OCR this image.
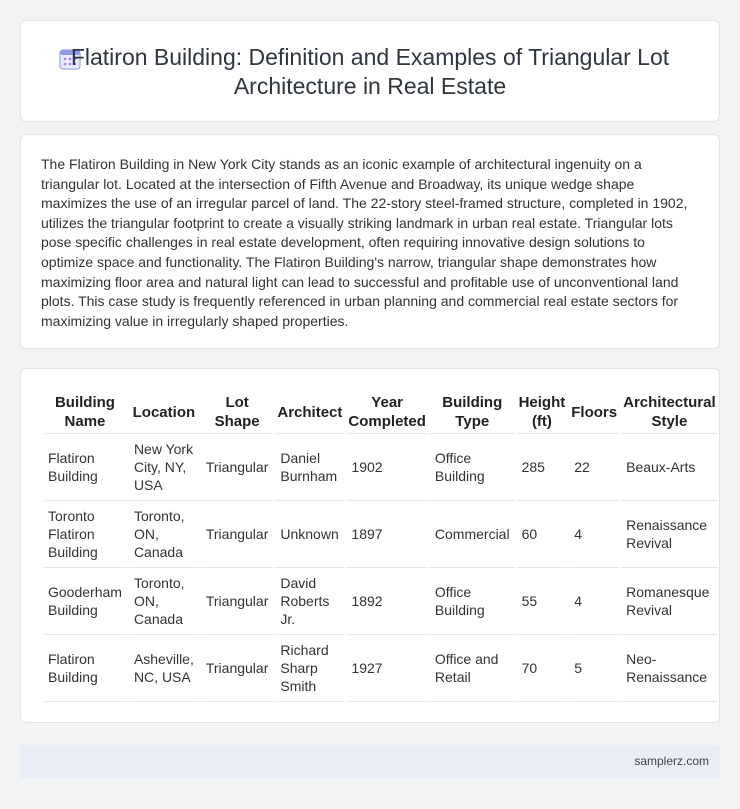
Flatiron Building: Definition and Examples of Triangular Lot Architecture in Real Estate

The Flatiron Building in New York City stands as an iconic example of architectural ingenuity on a triangular lot. Located at the intersection of Fifth Avenue and Broadway, its unique wedge shape maximizes the use of an irregular parcel of land. The 22-story steel-framed structure, completed in 1902, utilizes the triangular footprint to create a visually striking landmark in urban real estate. Triangular lots pose specific challenges in real estate development, often requiring innovative design solutions to optimize space and functionality. The Flatiron Building's narrow, triangular shape demonstrates how maximizing floor area and natural light can lead to successful and profitable use of unconventional land plots. This case study is frequently referenced in urban planning and commercial real estate sectors for maximizing value in irregularly shaped properties.

Building Name	Location	Lot Shape	Architect	Year Completed	Building Type	Height (ft)	Floors	Architectural Style
Flatiron Building	New York City, NY, USA	Triangular	Daniel Burnham	1902	Office Building	285	22	Beaux-Arts
Toronto Flatiron Building	Toronto, ON, Canada	Triangular	Unknown	1897	Commercial	60	4	Renaissance Revival
Gooderham Building	Toronto, ON, Canada	Triangular	David Roberts Jr.	1892	Office Building	55	4	Romanesque Revival
Flatiron Building	Asheville, NC, USA	Triangular	Richard Sharp Smith	1927	Office and Retail	70	5	Neo-Renaissance
samplerz.com
